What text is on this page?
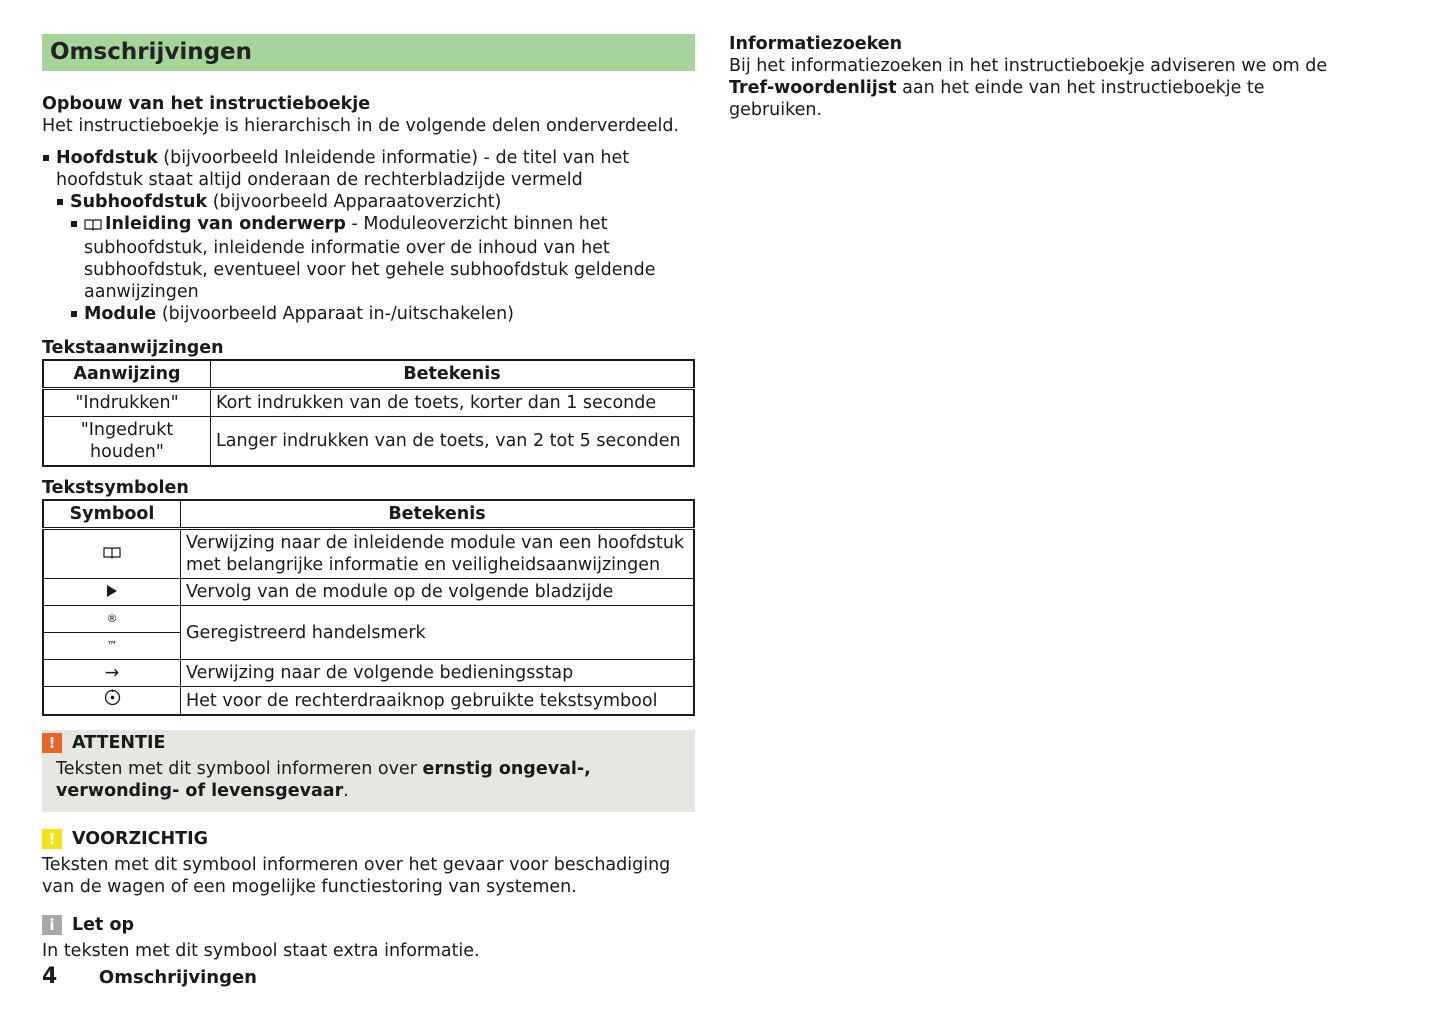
Omschrijvingen
Opbouw van het instructieboekje

Het instructieboekje is hierarchisch in de volgende delen onderverdeeld.

Hoofdstuk (bijvoorbeeld Inleidende informatie) - de titel van het hoofdstuk staat altijd onderaan de rechterbladzijde vermeld
Subhoofdstuk (bijvoorbeeld Apparaatoverzicht)
Inleiding van onderwerp - Moduleoverzicht binnen het subhoofdstuk, inleidende informatie over de inhoud van het subhoofdstuk, eventueel voor het gehele subhoofdstuk geldende aanwijzingen
Module (bijvoorbeeld Apparaat in-/uitschakelen)
Tekstaanwijzingen
Aanwijzing	Betekenis
"Indrukken"	Kort indrukken van de toets, korter dan 1 seconde
"Ingedrukt houden"	Langer indrukken van de toets, van 2 tot 5 seconden
Tekstsymbolen
Symbool	Betekenis
	Verwijzing naar de inleidende module van een hoofdstuk met belangrijke informatie en veiligheidsaanwijzingen
	Vervolg van de module op de volgende bladzijde
®	Geregistreerd handelsmerk
™	
→	Verwijzing naar de volgende bedieningsstap
	Het voor de rechterdraaiknop gebruikte tekstsymbool
! ATTENTIE

Teksten met dit symbool informeren over ernstig ongeval-, verwonding- of levensgevaar.

! VOORZICHTIG

Teksten met dit symbool informeren over het gevaar voor beschadiging van de wagen of een mogelijke functiestoring van systemen.

i Let op

In teksten met dit symbool staat extra informatie.

4 Omschrijvingen
Informatiezoeken

Bij het informatiezoeken in het instructieboekje adviseren we om de Tref-woordenlijst aan het einde van het instructieboekje te gebruiken.
